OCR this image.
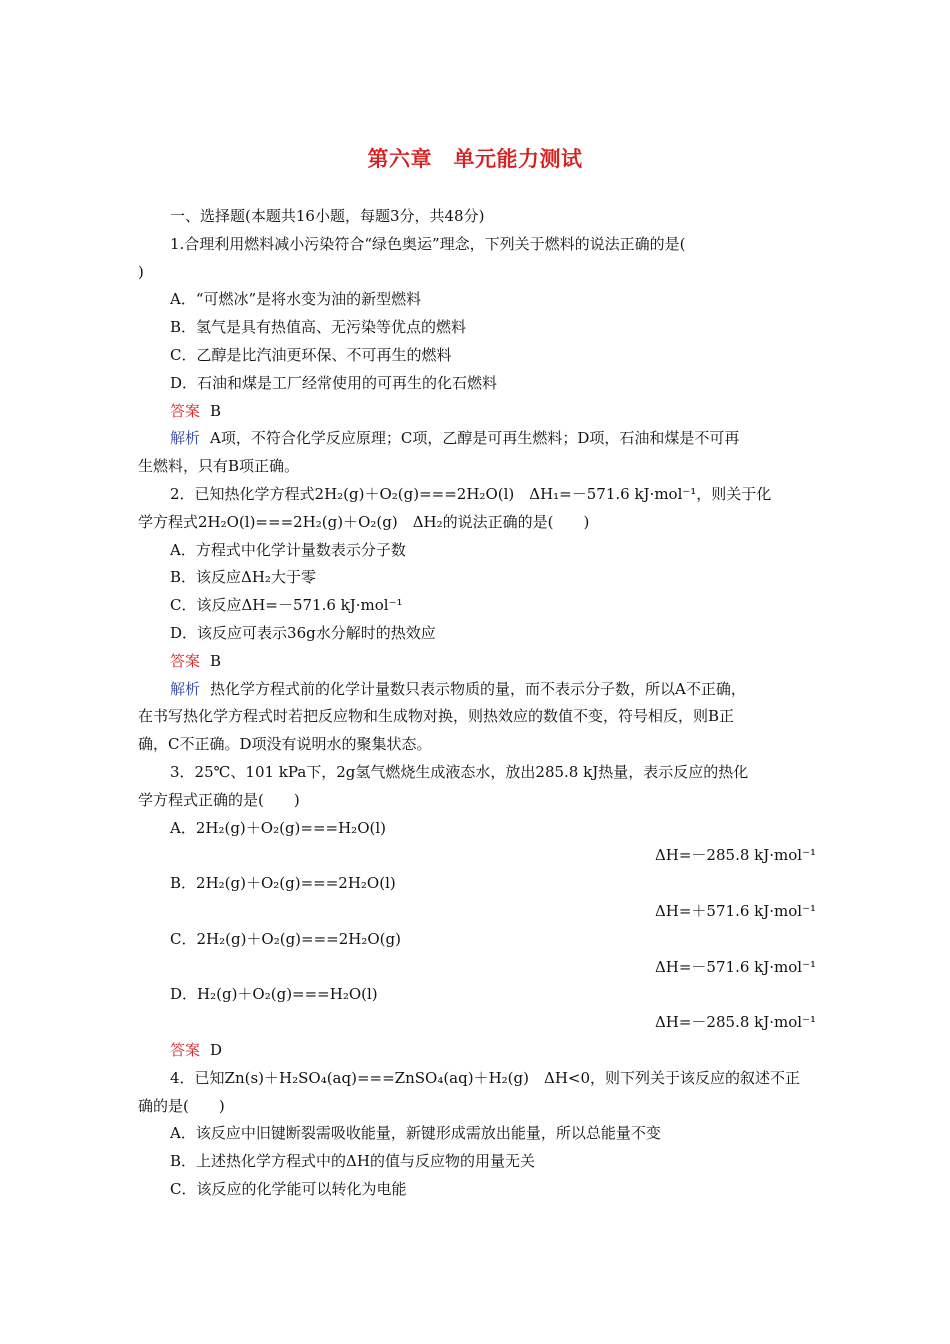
第六章　单元能力测试
一、选择题(本题共16小题，每题3分，共48分)
1.合理利用燃料减小污染符合“绿色奥运”理念，下列关于燃料的说法正确的是(
)
A．“可燃冰”是将水变为油的新型燃料
B．氢气是具有热值高、无污染等优点的燃料
C．乙醇是比汽油更环保、不可再生的燃料
D．石油和煤是工厂经常使用的可再生的化石燃料
答案 B
解析 A项，不符合化学反应原理；C项，乙醇是可再生燃料；D项，石油和煤是不可再
生燃料，只有B项正确。
2．已知热化学方程式2H₂(g)＋O₂(g)===2H₂O(l)　ΔH₁=－571.6 kJ·mol⁻¹，则关于化
学方程式2H₂O(l)===2H₂(g)＋O₂(g)　ΔH₂的说法正确的是(　　)
A．方程式中化学计量数表示分子数
B．该反应ΔH₂大于零
C．该反应ΔH=－571.6 kJ·mol⁻¹
D．该反应可表示36g水分解时的热效应
答案 B
解析 热化学方程式前的化学计量数只表示物质的量，而不表示分子数，所以A不正确，
在书写热化学方程式时若把反应物和生成物对换，则热效应的数值不变，符号相反，则B正
确，C不正确。D项没有说明水的聚集状态。
3．25℃、101 kPa下，2g氢气燃烧生成液态水，放出285.8 kJ热量，表示反应的热化
学方程式正确的是(　　)
A．2H₂(g)＋O₂(g)===H₂O(l)
ΔH=－285.8 kJ·mol⁻¹
B．2H₂(g)＋O₂(g)===2H₂O(l)
ΔH=＋571.6 kJ·mol⁻¹
C．2H₂(g)＋O₂(g)===2H₂O(g)
ΔH=－571.6 kJ·mol⁻¹
D．H₂(g)＋O₂(g)===H₂O(l)
ΔH=－285.8 kJ·mol⁻¹
答案 D
4．已知Zn(s)＋H₂SO₄(aq)===ZnSO₄(aq)＋H₂(g)　ΔH<0，则下列关于该反应的叙述不正
确的是(　　)
A．该反应中旧键断裂需吸收能量，新键形成需放出能量，所以总能量不变
B．上述热化学方程式中的ΔH的值与反应物的用量无关
C．该反应的化学能可以转化为电能
